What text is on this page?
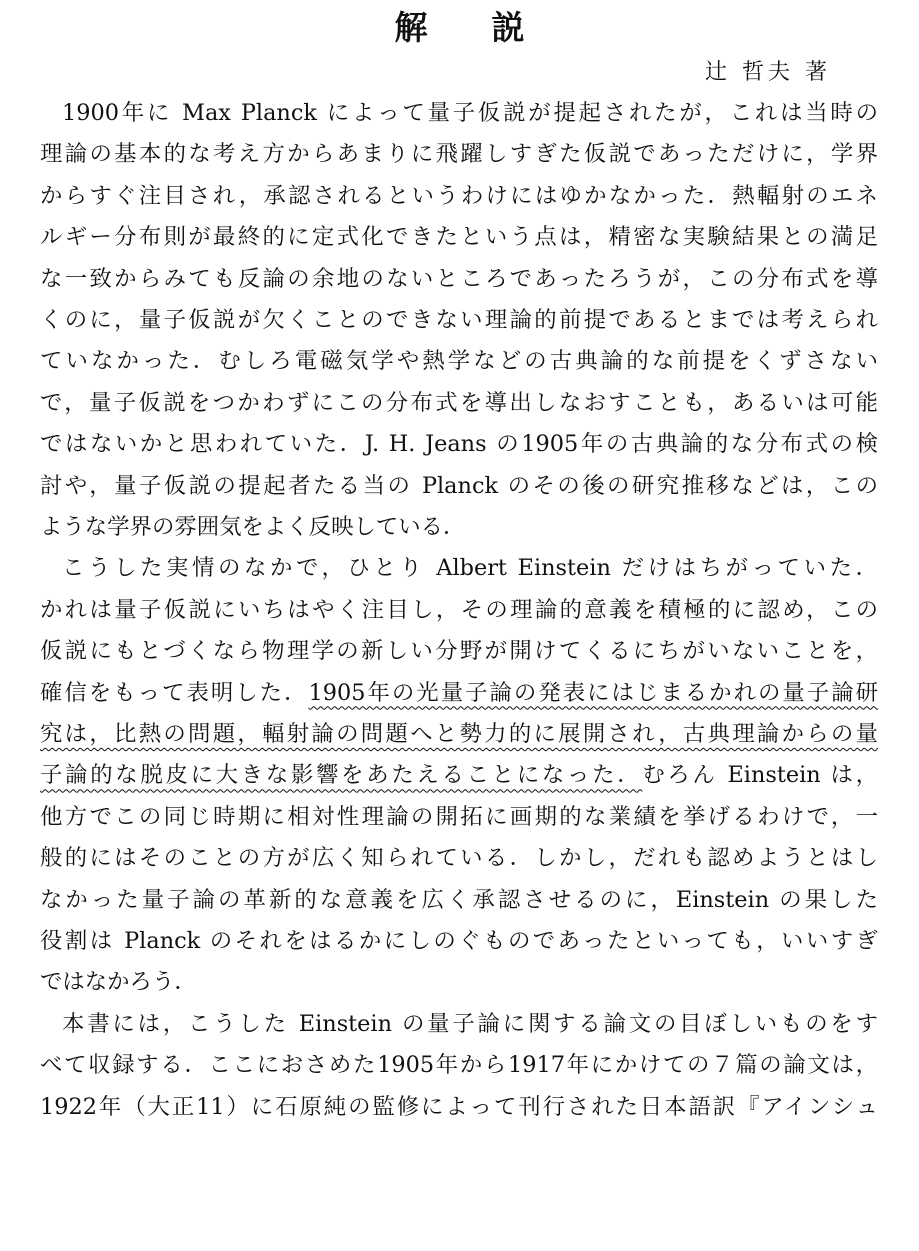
解説
辻 哲夫 著
1900年に Max Planck によって量子仮説が提起されたが，これは当時の
理論の基本的な考え方からあまりに飛躍しすぎた仮説であっただけに，学界
からすぐ注目され，承認されるというわけにはゆかなかった．熱輻射のエネ
ルギー分布則が最終的に定式化できたという点は，精密な実験結果との満足
な一致からみても反論の余地のないところであったろうが，この分布式を導
くのに，量子仮説が欠くことのできない理論的前提であるとまでは考えられ
ていなかった．むしろ電磁気学や熱学などの古典論的な前提をくずさない
で，量子仮説をつかわずにこの分布式を導出しなおすことも，あるいは可能
ではないかと思われていた．J. H. Jeans の1905年の古典論的な分布式の検
討や，量子仮説の提起者たる当の Planck のその後の研究推移などは，この
ような学界の雰囲気をよく反映している．
こうした実情のなかで，ひとり Albert Einstein だけはちがっていた．
かれは量子仮説にいちはやく注目し，その理論的意義を積極的に認め，この
仮説にもとづくなら物理学の新しい分野が開けてくるにちがいないことを，
確信をもって表明した．1905年の光量子論の発表にはじまるかれの量子論研
究は，比熱の問題，輻射論の問題へと勢力的に展開され，古典理論からの量
子論的な脱皮に大きな影響をあたえることになった．むろん Einstein は，
他方でこの同じ時期に相対性理論の開拓に画期的な業績を挙げるわけで，一
般的にはそのことの方が広く知られている．しかし，だれも認めようとはし
なかった量子論の革新的な意義を広く承認させるのに，Einstein の果した
役割は Planck のそれをはるかにしのぐものであったといっても，いいすぎ
ではなかろう．
本書には，こうした Einstein の量子論に関する論文の目ぼしいものをす
べて収録する．ここにおさめた1905年から1917年にかけての７篇の論文は，
1922年（大正11）に石原純の監修によって刊行された日本語訳『アインシュ
